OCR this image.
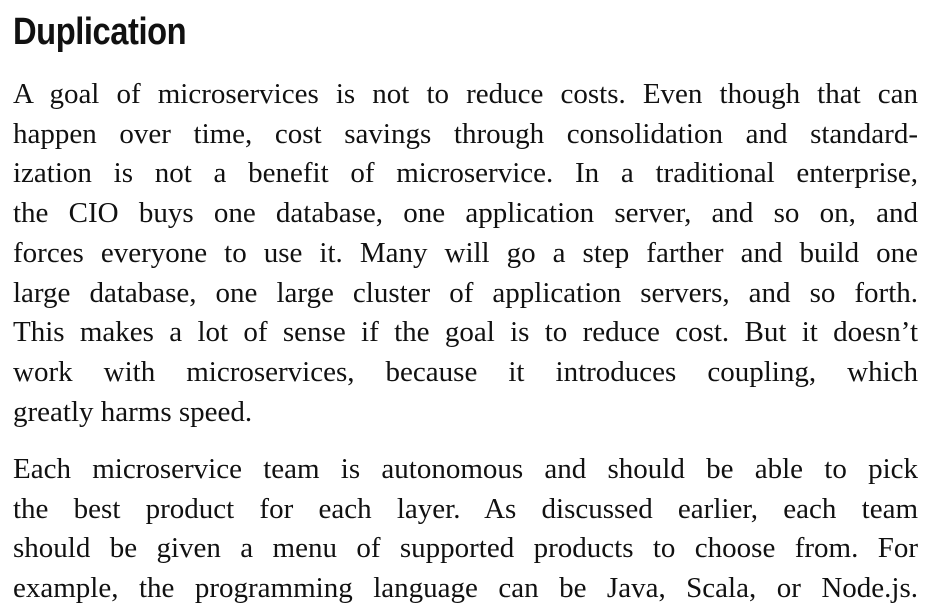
Duplication

A goal of microservices is not to reduce costs. Even though that can
happen over time, cost savings through consolidation and standard-
ization is not a benefit of microservice. In a traditional enterprise,
the CIO buys one database, one application server, and so on, and
forces everyone to use it. Many will go a step farther and build one
large database, one large cluster of application servers, and so forth.
This makes a lot of sense if the goal is to reduce cost. But it doesn’t
work with microservices, because it introduces coupling, which
greatly harms speed.

Each microservice team is autonomous and should be able to pick
the best product for each layer. As discussed earlier, each team
should be given a menu of supported products to choose from. For
example, the programming language can be Java, Scala, or Node.js.
